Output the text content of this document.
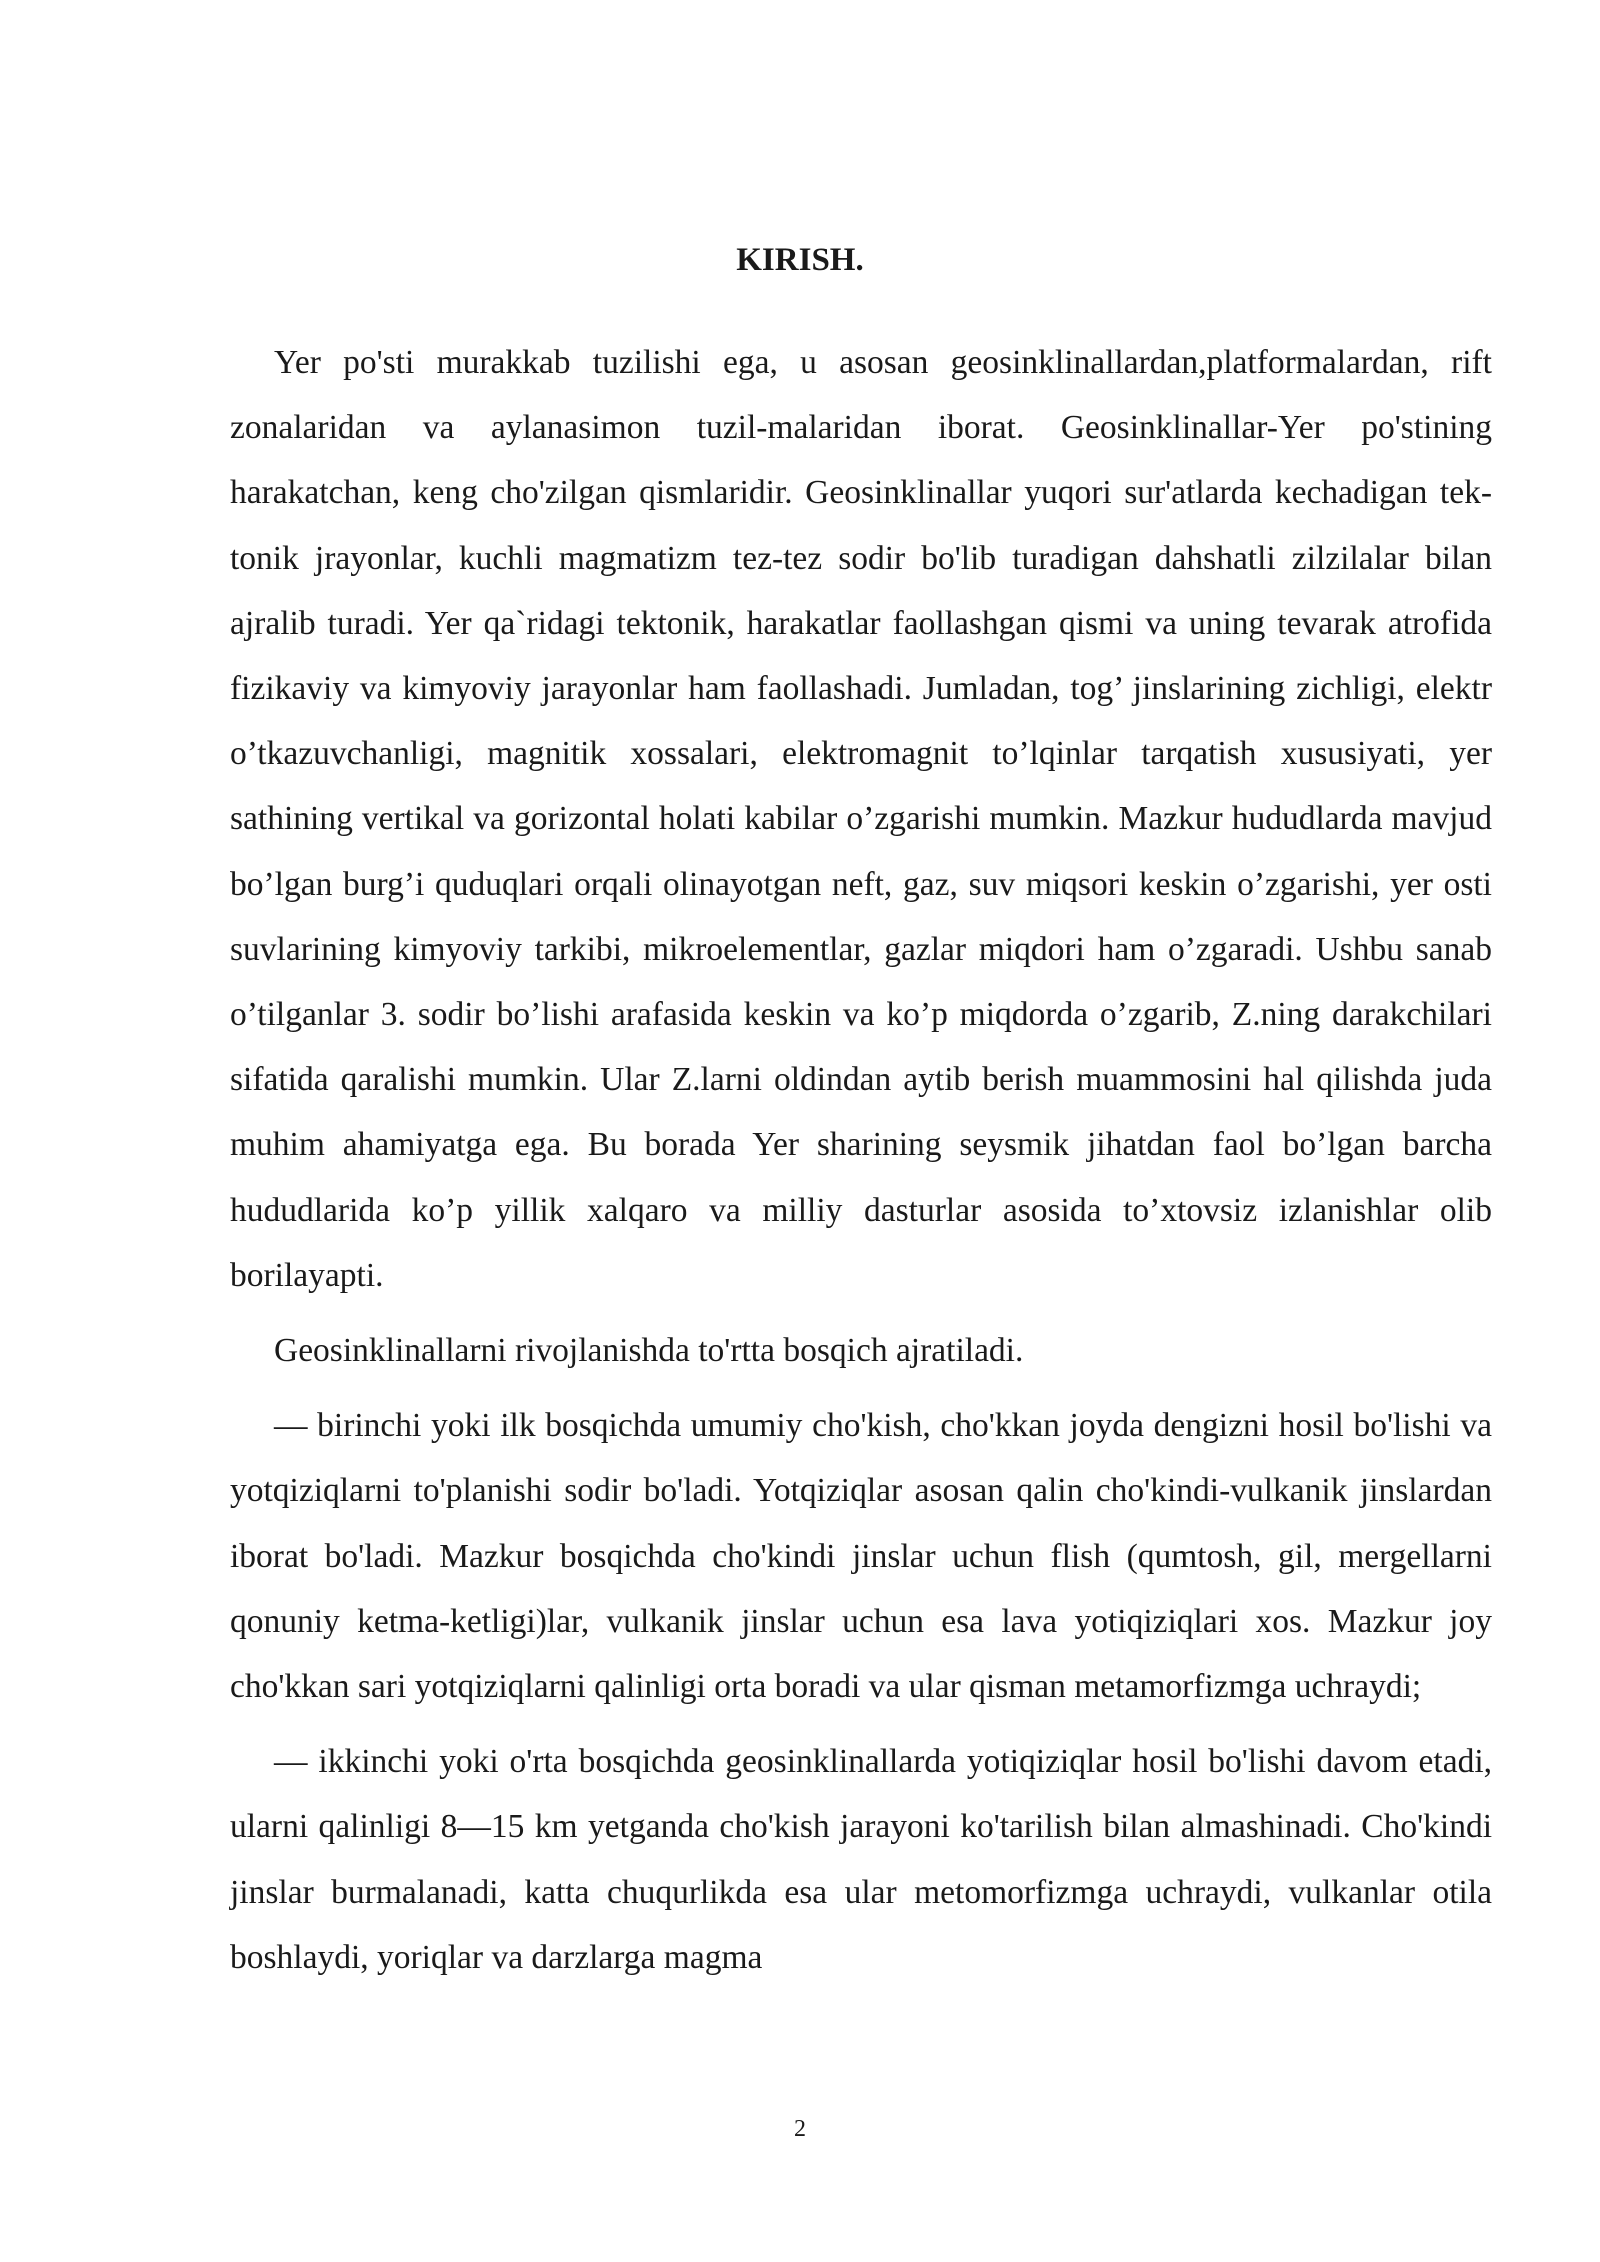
KIRISH.

Yer po'sti murakkab tuzilishi ega, u asosan geosinklinallardan,platformalardan, rift zonalaridan va aylanasimon tuzil-malaridan iborat. Geosinklinallar-Yer po'stining harakatchan, keng cho'zilgan qismlaridir. Geosinklinallar yuqori sur'atlarda kechadigan tek-tonik jrayonlar, kuchli magmatizm tez-tez sodir bo'lib turadigan dahshatli zilzilalar bilan ajralib turadi. Yer qa`ridagi tektonik, harakatlar faollashgan qismi va uning tevarak atrofida fizikaviy va kimyoviy jarayonlar ham faollashadi. Jumladan, tog’ jinslarining zichligi, elektr o’tkazuvchanligi, magnitik xossalari, elektromagnit to’lqinlar tarqatish xususiyati, yer sathining vertikal va gorizontal holati kabilar o’zgarishi mumkin. Mazkur hududlarda mavjud bo’lgan burg’i quduqlari orqali olinayotgan neft, gaz, suv miqsori keskin o’zgarishi, yer osti suvlarining kimyoviy tarkibi, mikroelementlar, gazlar miqdori ham o’zgaradi. Ushbu sanab o’tilganlar 3. sodir bo’lishi arafasida keskin va ko’p miqdorda o’zgarib, Z.ning darakchilari sifatida qaralishi mumkin. Ular Z.larni oldindan aytib berish muammosini hal qilishda juda muhim ahamiyatga ega. Bu borada Yer sharining seysmik jihatdan faol bo’lgan barcha hududlarida ko’p yillik xalqaro va milliy dasturlar asosida to’xtovsiz izlanishlar olib borilayapti.

Geosinklinallarni rivojlanishda to'rtta bosqich ajratiladi.

— birinchi yoki ilk bosqichda umumiy cho'kish, cho'kkan joyda dengizni hosil bo'lishi va yotqiziqlarni to'planishi sodir bo'ladi. Yotqiziqlar asosan qalin cho'kindi-vulkanik jinslardan iborat bo'ladi. Mazkur bosqichda cho'kindi jinslar uchun flish (qumtosh, gil, mergellarni qonuniy ketma-ketligi)lar, vulkanik jinslar uchun esa lava yotiqiziqlari xos. Mazkur joy cho'kkan sari yotqiziqlarni qalinligi orta boradi va ular qisman metamorfizmga uchraydi;

— ikkinchi yoki o'rta bosqichda geosinklinallarda yotiqiziqlar hosil bo'lishi davom etadi, ularni qalinligi 8—15 km yetganda cho'kish jarayoni ko'tarilish bilan almashinadi. Cho'kindi jinslar burmalanadi, katta chuqurlikda esa ular metomorfizmga uchraydi, vulkanlar otila boshlaydi, yoriqlar va darzlarga magma

2
